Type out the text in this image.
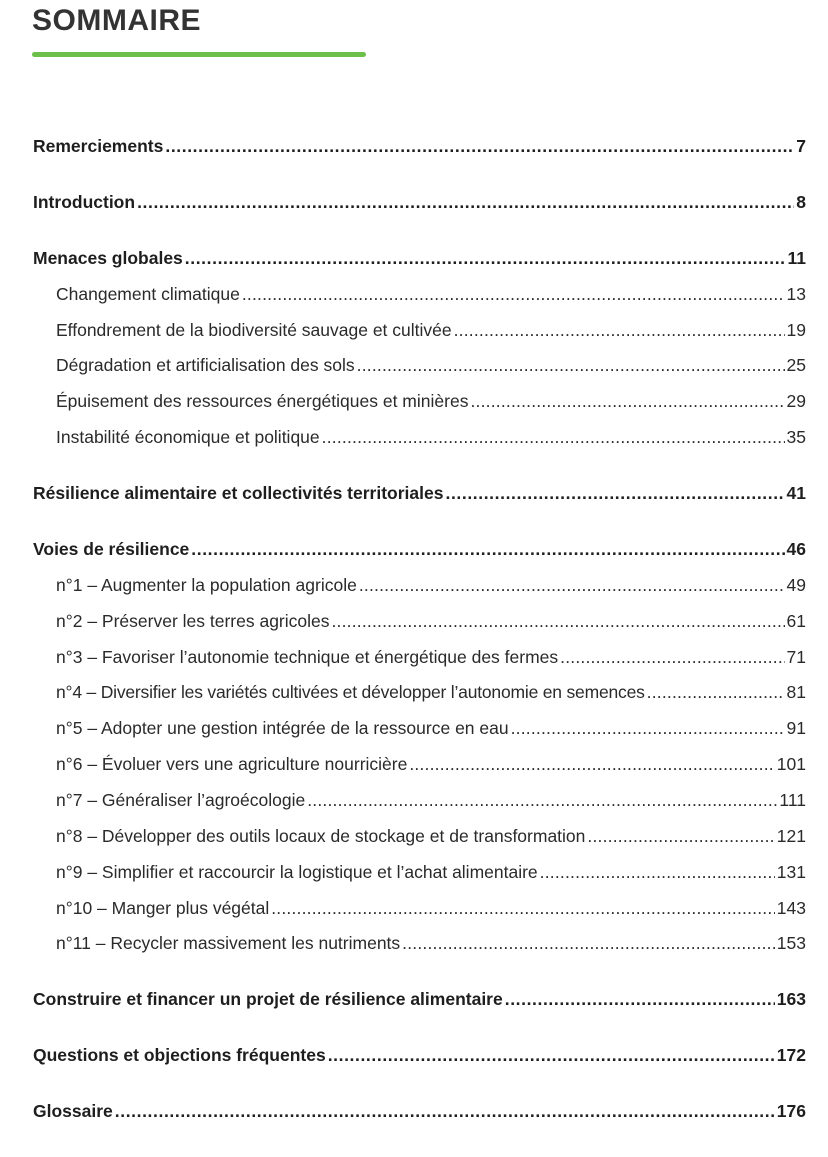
SOMMAIRE
Remerciements .....	7
Introduction .....	8
Menaces globales .....	11
Changement climatique .....	13
Effondrement de la biodiversité sauvage et cultivée .....	19
Dégradation et artificialisation des sols .....	25
Épuisement des ressources énergétiques et minières .....	29
Instabilité économique et politique .....	35
Résilience alimentaire et collectivités territoriales .....	41
Voies de résilience .....	46
n°1 – Augmenter la population agricole .....	49
n°2 – Préserver les terres agricoles .....	61
n°3 – Favoriser l’autonomie technique et énergétique des fermes .....	71
n°4 – Diversifier les variétés cultivées et développer l’autonomie en semences .....	81
n°5 – Adopter une gestion intégrée de la ressource en eau .....	91
n°6 – Évoluer vers une agriculture nourricière .....	101
n°7 – Généraliser l’agroécologie .....	111
n°8 – Développer des outils locaux de stockage et de transformation .....	121
n°9 – Simplifier et raccourcir la logistique et l’achat alimentaire .....	131
n°10 – Manger plus végétal .....	143
n°11 – Recycler massivement les nutriments .....	153
Construire et financer un projet de résilience alimentaire .....	163
Questions et objections fréquentes .....	172
Glossaire .....	176
